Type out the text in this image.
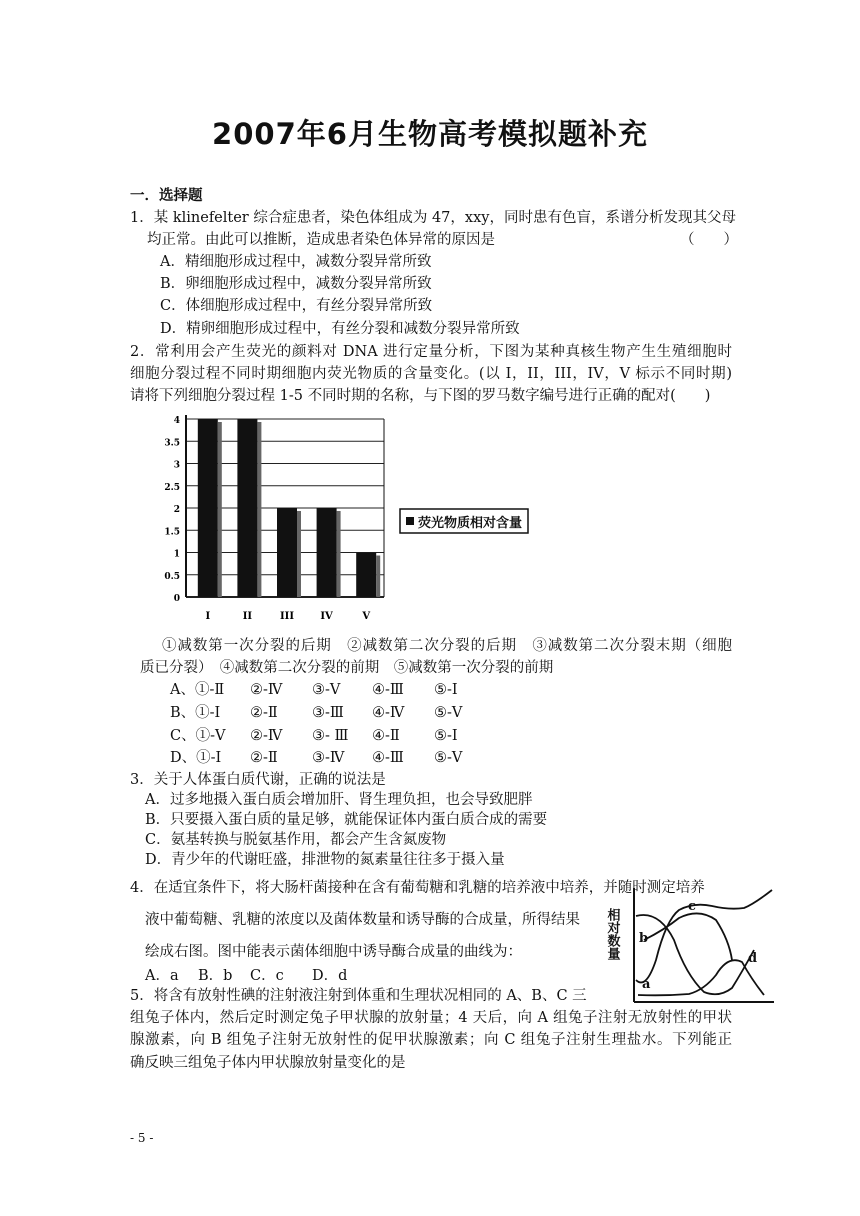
2007年6月生物高考模拟题补充
一．选择题
1．某 klinefelter 综合症患者，染色体组成为 47，xxy，同时患有色盲，系谱分析发现其父母
均正常。由此可以推断，造成患者染色体异常的原因是	（　　）
A．精细胞形成过程中，减数分裂异常所致
B．卵细胞形成过程中，减数分裂异常所致
C．体细胞形成过程中，有丝分裂异常所致
D．精卵细胞形成过程中，有丝分裂和减数分裂异常所致
2．常利用会产生荧光的颜料对 DNA 进行定量分析，下图为某种真核生物产生生殖细胞时
细胞分裂过程不同时期细胞内荧光物质的含量变化。(以 I，II，III，IV，V 标示不同时期)
请将下列细胞分裂过程 1-5 不同时期的名称，与下图的罗马数字编号进行正确的配对(　　)
0
0.5
1
1.5
2
2.5
3
3.5
4
I	II	III	IV	V
荧光物质相对含量
①减数第一次分裂的后期　②减数第二次分裂的后期　③减数第二次分裂末期（细胞
质已分裂）　④减数第二次分裂的前期　⑤减数第一次分裂的前期
A、①-Ⅱ ②-Ⅳ ③-Ⅴ ④-Ⅲ ⑤-Ⅰ
B、①-Ⅰ ②-Ⅱ ③-Ⅲ ④-Ⅳ ⑤-Ⅴ
C、①-Ⅴ ②-Ⅳ ③- Ⅲ ④-Ⅱ ⑤-Ⅰ
D、①-Ⅰ ②-Ⅱ ③-Ⅳ ④-Ⅲ ⑤-Ⅴ
3．关于人体蛋白质代谢，正确的说法是
A．过多地摄入蛋白质会增加肝、肾生理负担，也会导致肥胖
B．只要摄入蛋白质的量足够，就能保证体内蛋白质合成的需要
C．氨基转换与脱氨基作用，都会产生含氮废物
D．青少年的代谢旺盛，排泄物的氮素量往往多于摄入量
4．在适宜条件下，将大肠杆菌接种在含有葡萄糖和乳糖的培养液中培养，并随时测定培养
液中葡萄糖、乳糖的浓度以及菌体数量和诱导酶的合成量，所得结果
绘成右图。图中能表示菌体细胞中诱导酶合成量的曲线为：
A．a B．b C．c D．d
相对数量
a
b
c
d
5．将含有放射性碘的注射液注射到体重和生理状况相同的 A、B、C 三
组兔子体内，然后定时测定兔子甲状腺的放射量；4 天后，向 A 组兔子注射无放射性的甲状
腺激素，向 B 组兔子注射无放射性的促甲状腺激素；向 C 组兔子注射生理盐水。下列能正
确反映三组兔子体内甲状腺放射量变化的是
- 5 -
